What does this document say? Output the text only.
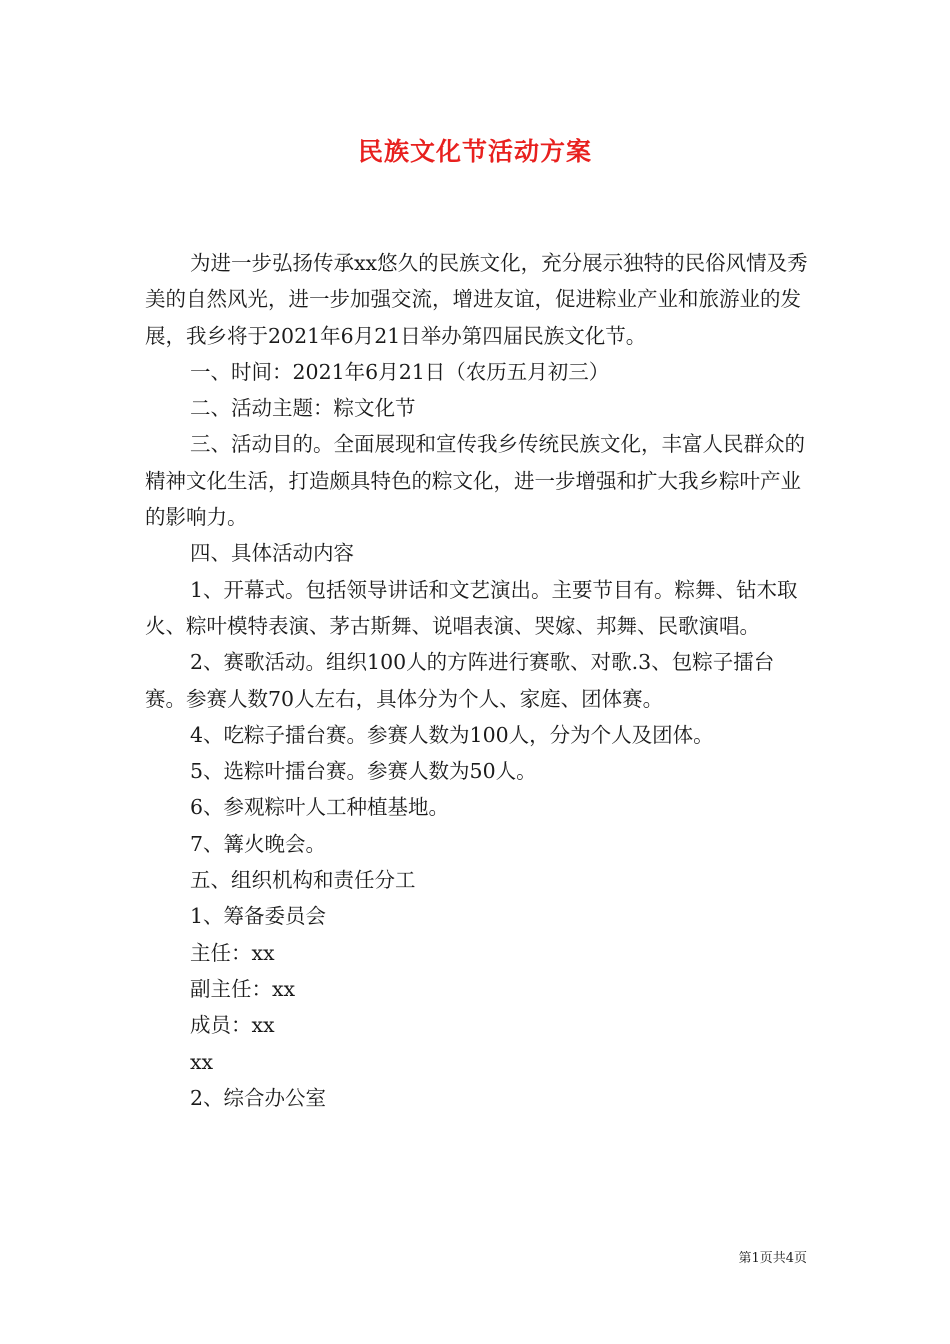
民族文化节活动方案

为进一步弘扬传承xx悠久的民族文化，充分展示独特的民俗风情及秀美的自然风光，进一步加强交流，增进友谊，促进粽业产业和旅游业的发展，我乡将于2021年6月21日举办第四届民族文化节。

一、时间：2021年6月21日（农历五月初三）

二、活动主题：粽文化节

三、活动目的。全面展现和宣传我乡传统民族文化，丰富人民群众的精神文化生活，打造颇具特色的粽文化，进一步增强和扩大我乡粽叶产业的影响力。

四、具体活动内容

1、开幕式。包括领导讲话和文艺演出。主要节目有。粽舞、钻木取火、粽叶模特表演、茅古斯舞、说唱表演、哭嫁、邦舞、民歌演唱。

2、赛歌活动。组织100人的方阵进行赛歌、对歌.3、包粽子擂台赛。参赛人数70人左右，具体分为个人、家庭、团体赛。

4、吃粽子擂台赛。参赛人数为100人，分为个人及团体。

5、选粽叶擂台赛。参赛人数为50人。

6、参观粽叶人工种植基地。

7、篝火晚会。

五、组织机构和责任分工

1、筹备委员会

主任：xx

副主任：xx

成员：xx

xx

2、综合办公室

第1页共4页
